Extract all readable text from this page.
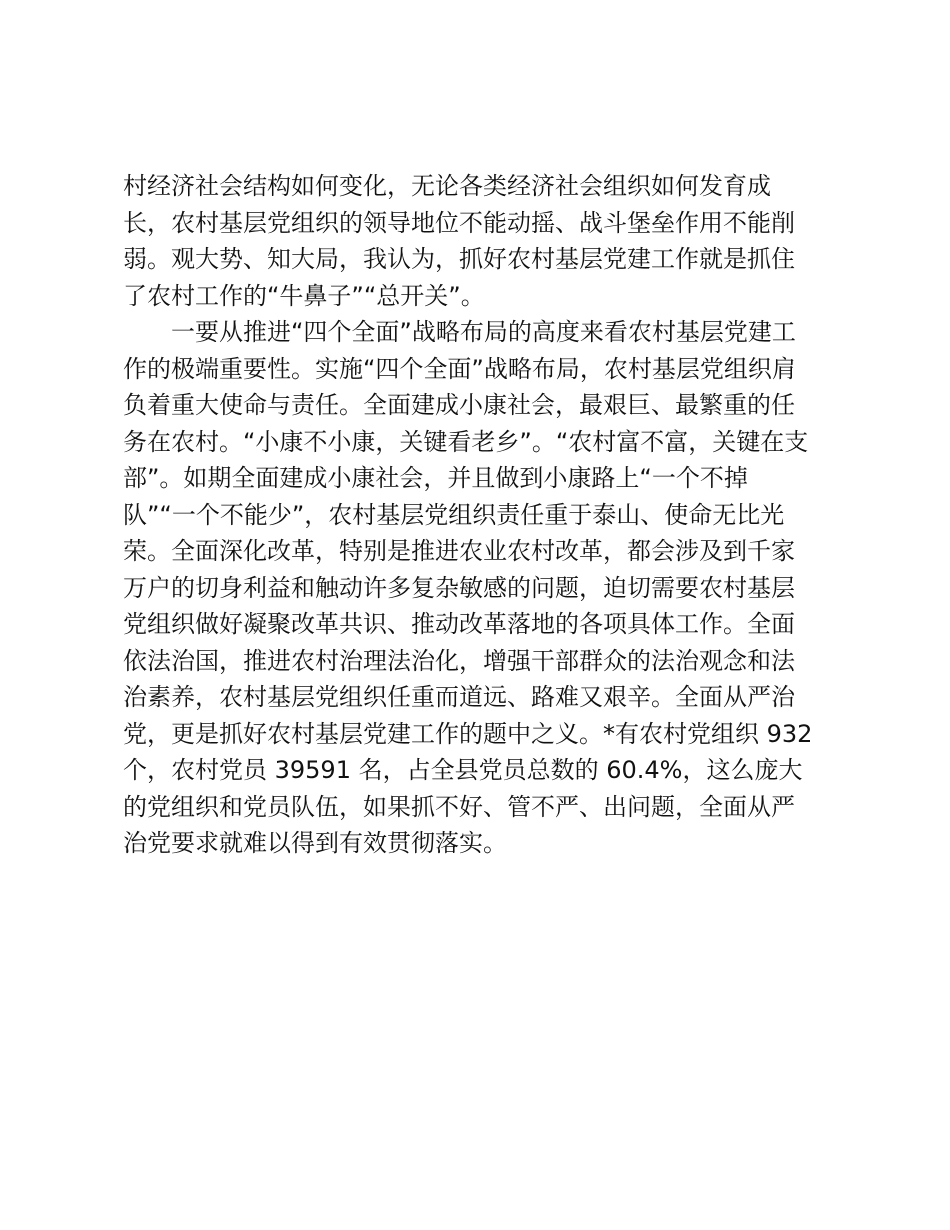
村经济社会结构如何变化，无论各类经济社会组织如何发育成
长，农村基层党组织的领导地位不能动摇、战斗堡垒作用不能削
弱。观大势、知大局，我认为，抓好农村基层党建工作就是抓住
了农村工作的“牛鼻子”“总开关”。
　　一要从推进“四个全面”战略布局的高度来看农村基层党建工
作的极端重要性。实施“四个全面”战略布局，农村基层党组织肩
负着重大使命与责任。全面建成小康社会，最艰巨、最繁重的任
务在农村。“小康不小康，关键看老乡”。“农村富不富，关键在支
部”。如期全面建成小康社会，并且做到小康路上“一个不掉
队”“一个不能少”，农村基层党组织责任重于泰山、使命无比光
荣。全面深化改革，特别是推进农业农村改革，都会涉及到千家
万户的切身利益和触动许多复杂敏感的问题，迫切需要农村基层
党组织做好凝聚改革共识、推动改革落地的各项具体工作。全面
依法治国，推进农村治理法治化，增强干部群众的法治观念和法
治素养，农村基层党组织任重而道远、路难又艰辛。全面从严治
党，更是抓好农村基层党建工作的题中之义。*有农村党组织 932
个，农村党员 39591 名，占全县党员总数的 60.4%，这么庞大
的党组织和党员队伍，如果抓不好、管不严、出问题，全面从严
治党要求就难以得到有效贯彻落实。
